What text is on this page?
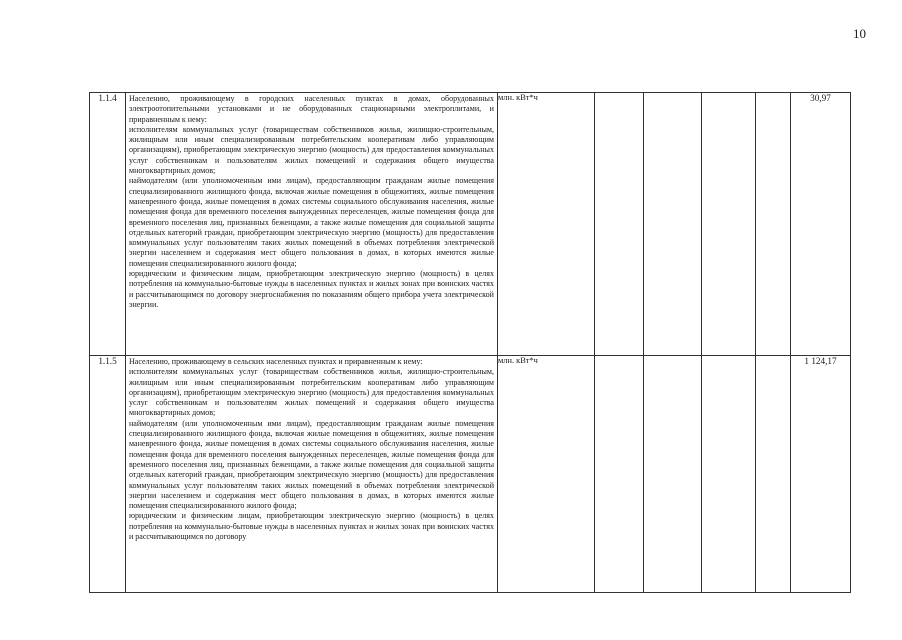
10
1.1.4	Населению, проживающему в городских населенных пунктах в домах, оборудованных электроотопительными установками и не оборудованных стационарными электроплитами, и приравненным к нему:

исполнителям коммунальных услуг (товариществам собственников жилья, жилищно-строительным, жилищным или иным специализированным потребительским кооперативам либо управляющим организациям), приобретающим электрическую энергию (мощность) для предоставления коммунальных услуг собственникам и пользователям жилых помещений и содержания общего имущества многоквартирных домов;

наймодателям (или уполномоченным ими лицам), предоставляющим гражданам жилые помещения специализированного жилищного фонда, включая жилые помещения в общежитиях, жилые помещения маневренного фонда, жилые помещения в домах системы социального обслуживания населения, жилые помещения фонда для временного поселения вынужденных переселенцев, жилые помещения фонда для временного поселения лиц, признанных беженцами, а также жилые помещения для социальной защиты отдельных категорий граждан, приобретающим электрическую энергию (мощность) для предоставления коммунальных услуг пользователям таких жилых помещений в объемах потребления электрической энергии населением и содержания мест общего пользования в домах, в которых имеются жилые помещения специализированного жилого фонда;

юридическим и физическим лицам, приобретающим электрическую энергию (мощность) в целях потребления на коммунально-бытовые нужды в населенных пунктах и жилых зонах при воинских частях и рассчитывающимся по договору энергоснабжения по показаниям общего прибора учета электрической энергии.	млн. кВт*ч					30,97
1.1.5	Населению, проживающему в сельских населенных пунктах и приравненным к нему:

исполнителям коммунальных услуг (товариществам собственников жилья, жилищно-строительным, жилищным или иным специализированным потребительским кооперативам либо управляющим организациям), приобретающим электрическую энергию (мощность) для предоставления коммунальных услуг собственникам и пользователям жилых помещений и содержания общего имущества многоквартирных домов;

наймодателям (или уполномоченным ими лицам), предоставляющим гражданам жилые помещения специализированного жилищного фонда, включая жилые помещения в общежитиях, жилые помещения маневренного фонда, жилые помещения в домах системы социального обслуживания населения, жилые помещения фонда для временного поселения вынужденных переселенцев, жилые помещения фонда для временного поселения лиц, признанных беженцами, а также жилые помещения для социальной защиты отдельных категорий граждан, приобретающим электрическую энергию (мощность) для предоставления коммунальных услуг пользователям таких жилых помещений в объемах потребления электрической энергии населением и содержания мест общего пользования в домах, в которых имеются жилые помещения специализированного жилого фонда;

юридическим и физическим лицам, приобретающим электрическую энергию (мощность) в целях потребления на коммунально-бытовые нужды в населенных пунктах и жилых зонах при воинских частях и рассчитывающимся по договору	млн. кВт*ч					1 124,17
